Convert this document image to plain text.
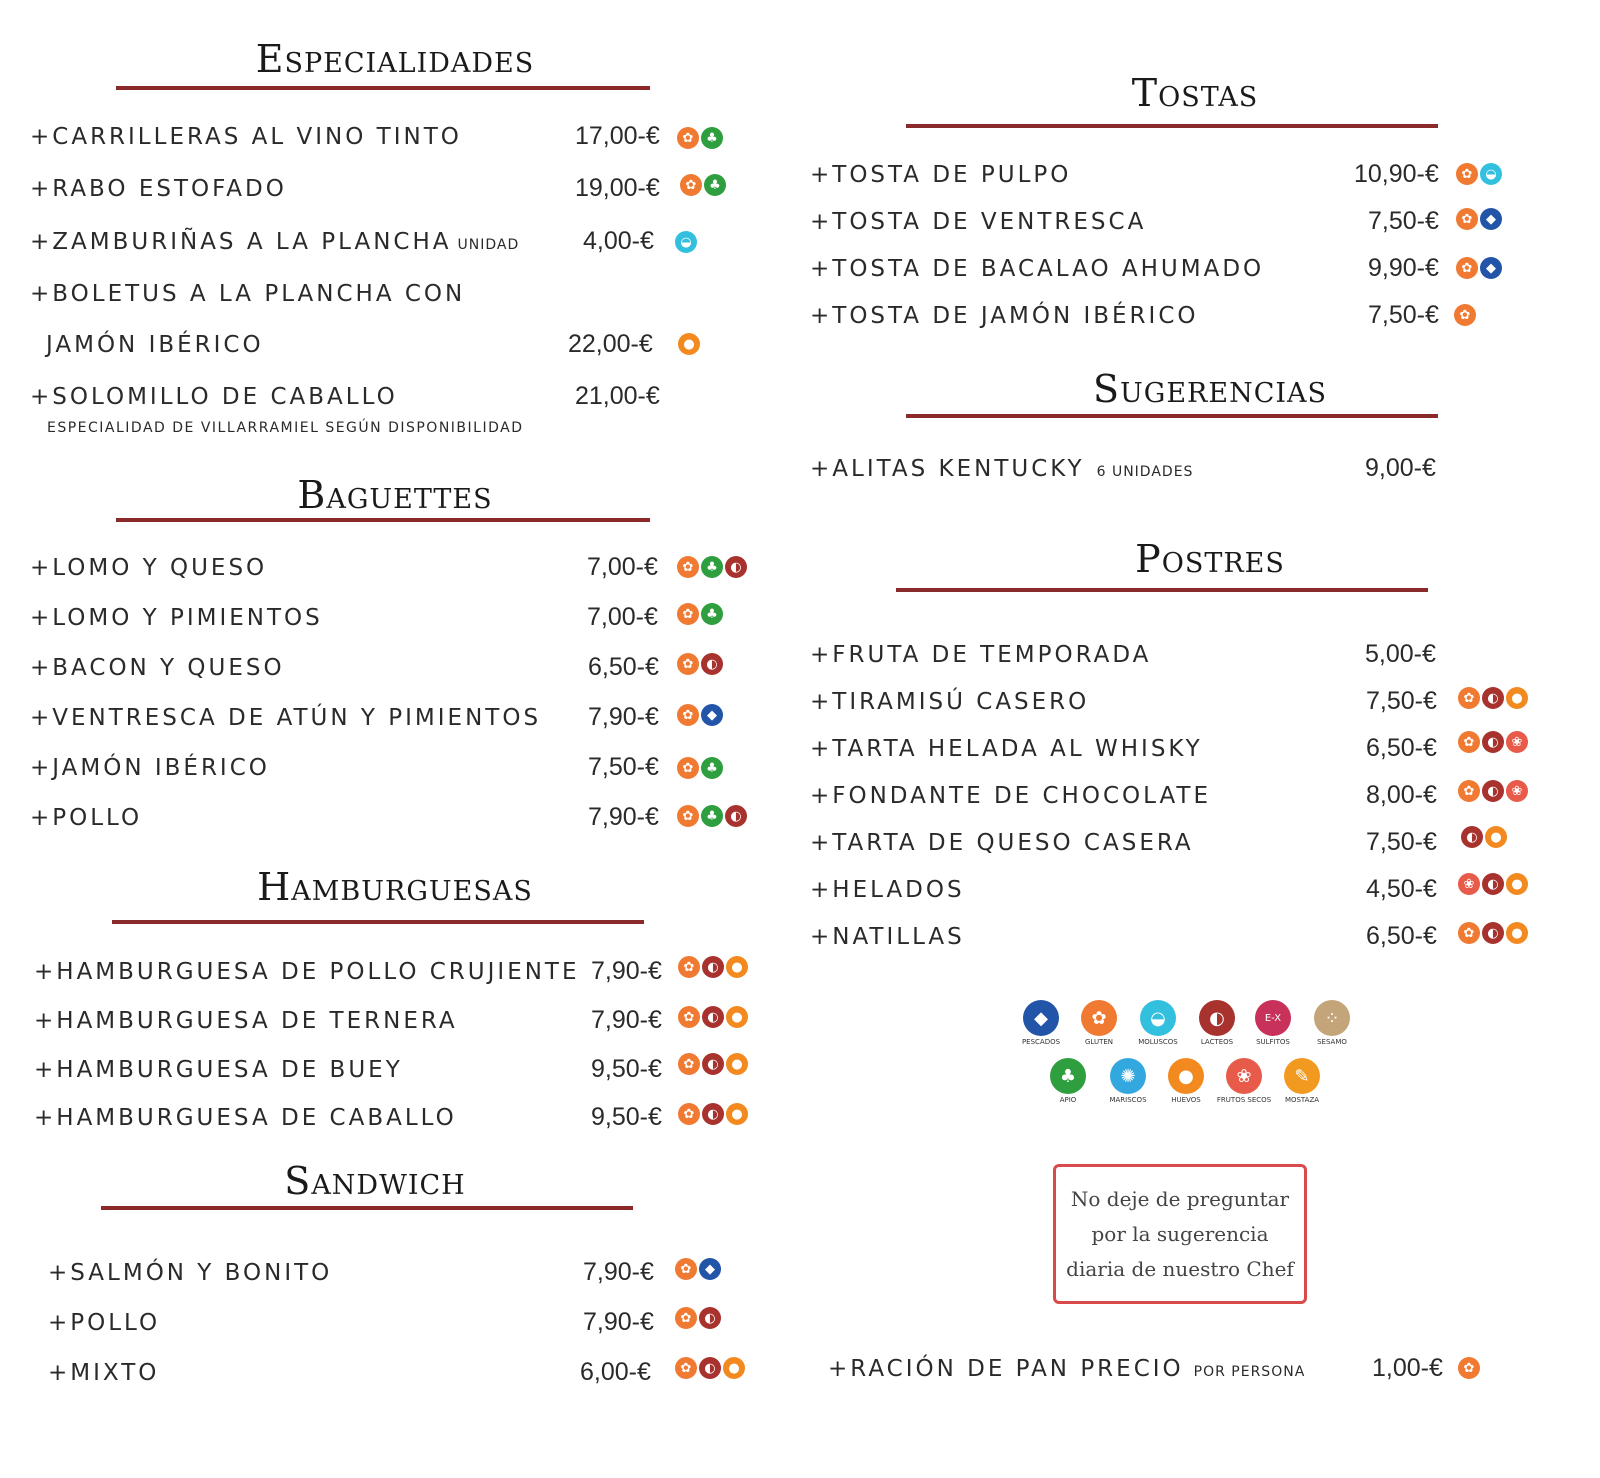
Especialidades
+CARRILLERAS AL VINO TINTO	17,00-€	✿ ♣
+RABO ESTOFADO	19,00-€	✿ ♣
+ZAMBURIÑAS A LA PLANCHA UNIDAD	4,00-€	◒
+BOLETUS A LA PLANCHA CON
JAMÓN IBÉRICO	22,00-€	●
+SOLOMILLO DE CABALLO	21,00-€
ESPECIALIDAD DE VILLARRAMIEL SEGÚN DISPONIBILIDAD
Baguettes
+LOMO Y QUESO	7,00-€	✿ ♣ ◐
+LOMO Y PIMIENTOS	7,00-€	✿ ♣
+BACON Y QUESO	6,50-€	✿ ◐
+VENTRESCA DE ATÚN Y PIMIENTOS 7,90-€	✿	◆
+JAMÓN IBÉRICO	7,50-€	✿ ♣
+POLLO	7,90-€	✿ ♣ ◐
Hamburguesas
+HAMBURGUESA DE POLLO CRUJIENTE 7,90-€	✿ ◐ ●
+HAMBURGUESA DE TERNERA	7,90-€	✿ ◐ ●
+HAMBURGUESA DE BUEY	9,50-€	✿ ◐ ●
+HAMBURGUESA DE CABALLO	9,50-€	✿ ◐ ●
Sandwich
+SALMÓN Y BONITO	7,90-€	✿	◆
+POLLO	7,90-€	✿ ◐
+MIXTO	6,00-€	✿ ◐ ●
Tostas
+TOSTA DE PULPO	10,90-€	✿ ◒
+TOSTA DE VENTRESCA	7,50-€	✿	◆
+TOSTA DE BACALAO AHUMADO	9,90-€	✿	◆
+TOSTA DE JAMÓN IBÉRICO	7,50-€	✿
Sugerencias
+ALITAS KENTUCKY 6 UNIDADES	9,00-€
Postres
+FRUTA DE TEMPORADA	5,00-€
+TIRAMISÚ CASERO	7,50-€	✿ ◐ ●
+TARTA HELADA AL WHISKY	6,50-€	✿ ◐ ❀
+FONDANTE DE CHOCOLATE	8,00-€	✿ ◐ ❀
+TARTA DE QUESO CASERA	7,50-€	◐ ●
+HELADOS	4,50-€	❀ ◐ ●
+NATILLAS	6,50-€	✿ ◐ ●
◆
PESCADOS
✿
GLUTEN
◒
MOLUSCOS
◐
LACTEOS
E-X
SULFITOS
⁘
SESAMO
♣
APIO
✺
MARISCOS
●
HUEVOS
❀
FRUTOS SECOS
✎
MOSTAZA
No deje de preguntar
por la sugerencia
diaria de nuestro Chef
+RACIÓN DE PAN PRECIO POR PERSONA	1,00-€	✿
